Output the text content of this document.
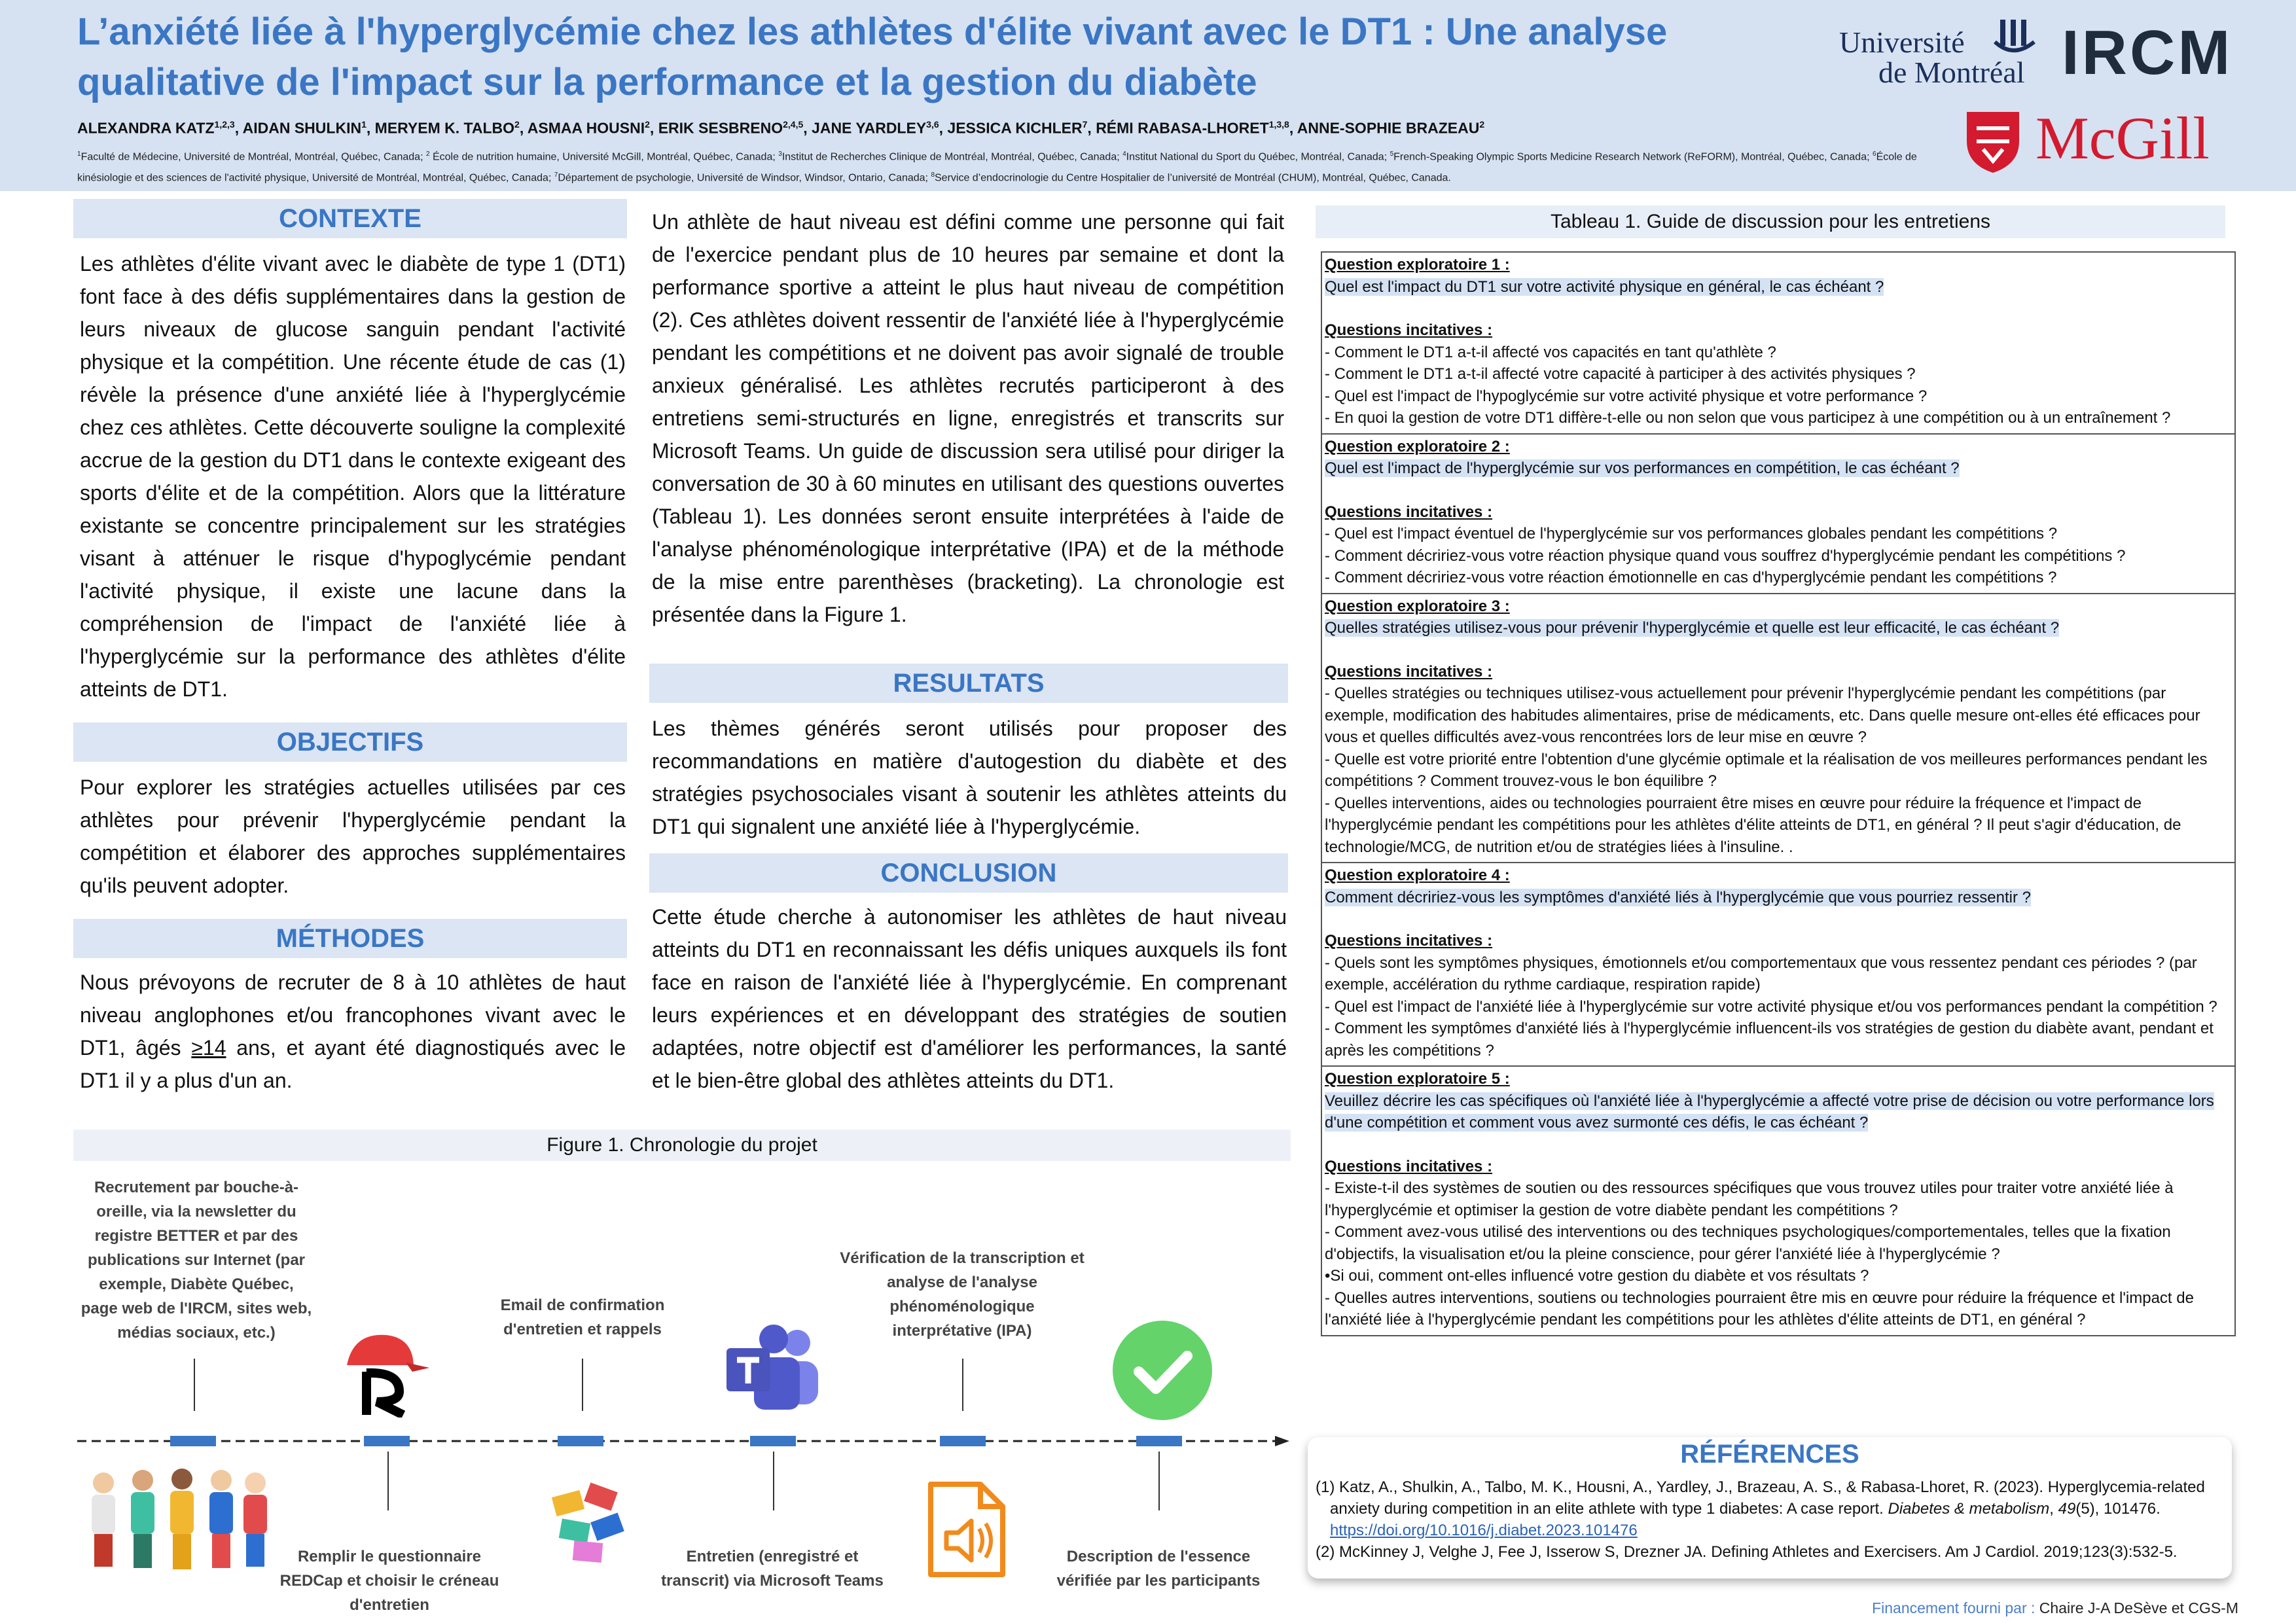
L’anxiété liée à l'hyperglycémie chez les athlètes d'élite vivant avec le DT1 : Une analyse qualitative de l'impact sur la performance et la gestion du diabète
ALEXANDRA KATZ$^{1,2,3}$, AIDAN SHULKIN$^1$, MERYEM K. TALBO$^2$, ASMAA HOUSNI$^2$, ERIK SESBRENO$^{2,4,5}$, JANE YARDLEY$^{3,6}$, JESSICA KICHLER$^7$, RÉMI RABASA-LHORET$^{1,3,8}$, ANNE-SOPHIE BRAZEAU$^2$
$^1$Faculté de Médecine, Université de Montréal, Montréal, Québec, Canada; $^2$ École de nutrition humaine, Université McGill, Montréal, Québec, Canada; $^3$Institut de Recherches Clinique de Montréal, Montréal, Québec, Canada; $^4$Institut National du Sport du Québec, Montréal, Canada; $^5$French-Speaking Olympic Sports Medicine Research Network (ReFORM), Montréal, Québec, Canada; $^6$École de kinésiologie et des sciences de l'activité physique, Université de Montréal, Montréal, Québec, Canada; $^7$Département de psychologie, Université de Windsor, Windsor, Ontario, Canada; $^8$Service d’endocrinologie du Centre Hospitalier de l’université de Montréal (CHUM), Montréal, Québec, Canada.
Université
de Montréal IRCM
McGill
CONTEXTE
Les athlètes d'élite vivant avec le diabète de type 1 (DT1) font face à des défis supplémentaires dans la gestion de leurs niveaux de glucose sanguin pendant l'activité physique et la compétition. Une récente étude de cas (1) révèle la présence d'une anxiété liée à l'hyperglycémie chez ces athlètes. Cette découverte souligne la complexité accrue de la gestion du DT1 dans le contexte exigeant des sports d'élite et de la compétition. Alors que la littérature existante se concentre principalement sur les stratégies visant à atténuer le risque d'hypoglycémie pendant l'activité physique, il existe une lacune dans la compréhension de l'impact de l'anxiété liée à l'hyperglycémie sur la performance des athlètes d'élite atteints de DT1.
OBJECTIFS
Pour explorer les stratégies actuelles utilisées par ces athlètes pour prévenir l'hyperglycémie pendant la compétition et élaborer des approches supplémentaires qu'ils peuvent adopter.
MÉTHODES
Nous prévoyons de recruter de 8 à 10 athlètes de haut niveau anglophones et/ou francophones vivant avec le DT1, âgés ≥14 ans, et ayant été diagnostiqués avec le DT1 il y a plus d'un an.
Un athlète de haut niveau est défini comme une personne qui fait de l'exercice pendant plus de 10 heures par semaine et dont la performance sportive a atteint le plus haut niveau de compétition (2). Ces athlètes doivent ressentir de l'anxiété liée à l'hyperglycémie pendant les compétitions et ne doivent pas avoir signalé de trouble anxieux généralisé. Les athlètes recrutés participeront à des entretiens semi-structurés en ligne, enregistrés et transcrits sur Microsoft Teams. Un guide de discussion sera utilisé pour diriger la conversation de 30 à 60 minutes en utilisant des questions ouvertes (Tableau 1). Les données seront ensuite interprétées à l'aide de l'analyse phénoménologique interprétative (IPA) et de la méthode de la mise entre parenthèses (bracketing). La chronologie est présentée dans la Figure 1.
RESULTATS
Les thèmes générés seront utilisés pour proposer des recommandations en matière d'autogestion du diabète et des stratégies psychosociales visant à soutenir les athlètes atteints du DT1 qui signalent une anxiété liée à l'hyperglycémie.
CONCLUSION
Cette étude cherche à autonomiser les athlètes de haut niveau atteints du DT1 en reconnaissant les défis uniques auxquels ils font face en raison de l'anxiété liée à l'hyperglycémie. En comprenant leurs expériences et en développant des stratégies de soutien adaptées, notre objectif est d'améliorer les performances, la santé et le bien-être global des athlètes atteints du DT1.
Tableau 1. Guide de discussion pour les entretiens
Question exploratoire 1 :
Quel est l'impact du DT1 sur votre activité physique en général, le cas échéant ?
Questions incitatives :
- Comment le DT1 a-t-il affecté vos capacités en tant qu'athlète ?
- Comment le DT1 a-t-il affecté votre capacité à participer à des activités physiques ?
- Quel est l'impact de l'hypoglycémie sur votre activité physique et votre performance ?
- En quoi la gestion de votre DT1 diffère-t-elle ou non selon que vous participez à une compétition ou à un entraînement ?
Question exploratoire 2 :
Quel est l'impact de l'hyperglycémie sur vos performances en compétition, le cas échéant ?
Questions incitatives :
- Quel est l'impact éventuel de l'hyperglycémie sur vos performances globales pendant les compétitions ?
- Comment décririez-vous votre réaction physique quand vous souffrez d'hyperglycémie pendant les compétitions ?
- Comment décririez-vous votre réaction émotionnelle en cas d'hyperglycémie pendant les compétitions ?
Question exploratoire 3 :
Quelles stratégies utilisez-vous pour prévenir l'hyperglycémie et quelle est leur efficacité, le cas échéant ?
Questions incitatives :
- Quelles stratégies ou techniques utilisez-vous actuellement pour prévenir l'hyperglycémie pendant les compétitions (par exemple, modification des habitudes alimentaires, prise de médicaments, etc. Dans quelle mesure ont-elles été efficaces pour vous et quelles difficultés avez-vous rencontrées lors de leur mise en œuvre ?
- Quelle est votre priorité entre l'obtention d'une glycémie optimale et la réalisation de vos meilleures performances pendant les compétitions ? Comment trouvez-vous le bon équilibre ?
- Quelles interventions, aides ou technologies pourraient être mises en œuvre pour réduire la fréquence et l'impact de l'hyperglycémie pendant les compétitions pour les athlètes d'élite atteints de DT1, en général ? Il peut s'agir d'éducation, de technologie/MCG, de nutrition et/ou de stratégies liées à l'insuline. .
Question exploratoire 4 :
Comment décririez-vous les symptômes d'anxiété liés à l'hyperglycémie que vous pourriez ressentir ?
Questions incitatives :
- Quels sont les symptômes physiques, émotionnels et/ou comportementaux que vous ressentez pendant ces périodes ? (par exemple, accélération du rythme cardiaque, respiration rapide)
- Quel est l'impact de l'anxiété liée à l'hyperglycémie sur votre activité physique et/ou vos performances pendant la compétition ?
- Comment les symptômes d'anxiété liés à l'hyperglycémie influencent-ils vos stratégies de gestion du diabète avant, pendant et après les compétitions ?
Question exploratoire 5 :
Veuillez décrire les cas spécifiques où l'anxiété liée à l'hyperglycémie a affecté votre prise de décision ou votre performance lors d'une compétition et comment vous avez surmonté ces défis, le cas échéant ?
Questions incitatives :
- Existe-t-il des systèmes de soutien ou des ressources spécifiques que vous trouvez utiles pour traiter votre anxiété liée à l'hyperglycémie et optimiser la gestion de votre diabète pendant les compétitions ?
- Comment avez-vous utilisé des interventions ou des techniques psychologiques/comportementales, telles que la fixation d'objectifs, la visualisation et/ou la pleine conscience, pour gérer l'anxiété liée à l'hyperglycémie ?
•Si oui, comment ont-elles influencé votre gestion du diabète et vos résultats ?
- Quelles autres interventions, soutiens ou technologies pourraient être mis en œuvre pour réduire la fréquence et l'impact de l'anxiété liée à l'hyperglycémie pendant les compétitions pour les athlètes d'élite atteints de DT1, en général ?
Figure 1. Chronologie du projet
Recrutement par bouche-à-oreille, via la newsletter du registre BETTER et par des publications sur Internet (par exemple, Diabète Québec, page web de l'IRCM, sites web, médias sociaux, etc.)
Email de confirmation d'entretien et rappels
Vérification de la transcription et analyse de l'analyse phénoménologique interprétative (IPA)
Remplir le questionnaire REDCap et choisir le créneau d'entretien
Entretien (enregistré et transcrit) via Microsoft Teams
Description de l'essence vérifiée par les participants
RÉFÉRENCES
(1) Katz, A., Shulkin, A., Talbo, M. K., Housni, A., Yardley, J., Brazeau, A. S., & Rabasa-Lhoret, R. (2023). Hyperglycemia-related anxiety during competition in an elite athlete with type 1 diabetes: A case report. Diabetes & metabolism, 49(5), 101476.
https://doi.org/10.1016/j.diabet.2023.101476
(2) McKinney J, Velghe J, Fee J, Isserow S, Drezner JA. Defining Athletes and Exercisers. Am J Cardiol. 2019;123(3):532-5.
Financement fourni par : Chaire J-A DeSève et CGS-M
